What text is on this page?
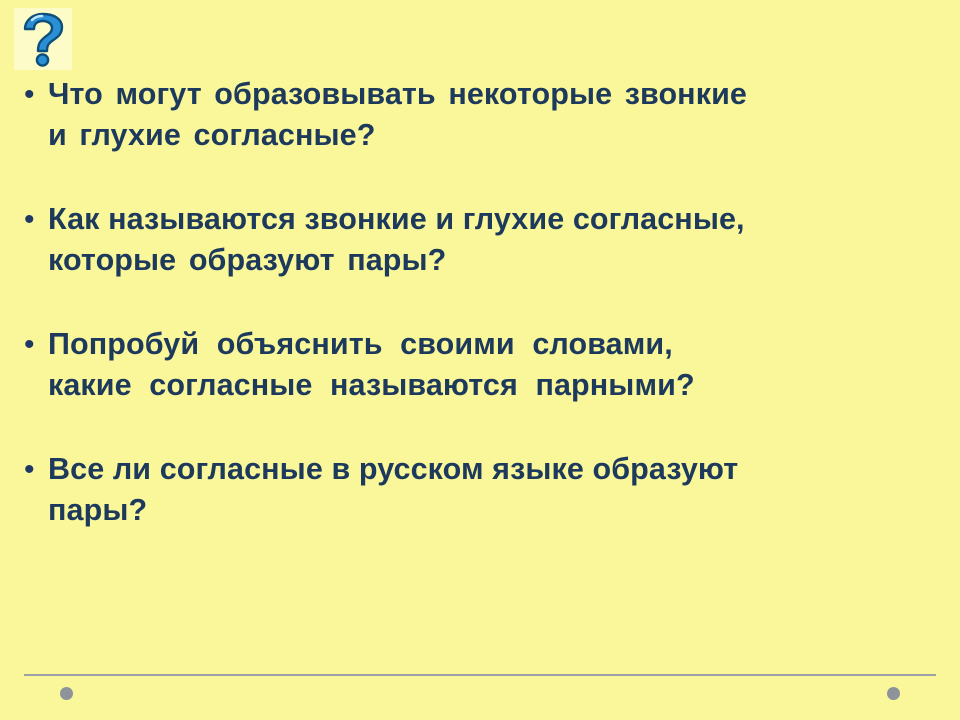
• Что могут образовывать некоторые звонкие
и глухие согласные?
• Как называются звонкие и глухие согласные,
которые образуют пары?
• Попробуй объяснить своими словами,
какие согласные называются парными?
• Все ли согласные в русском языке образуют
пары?
